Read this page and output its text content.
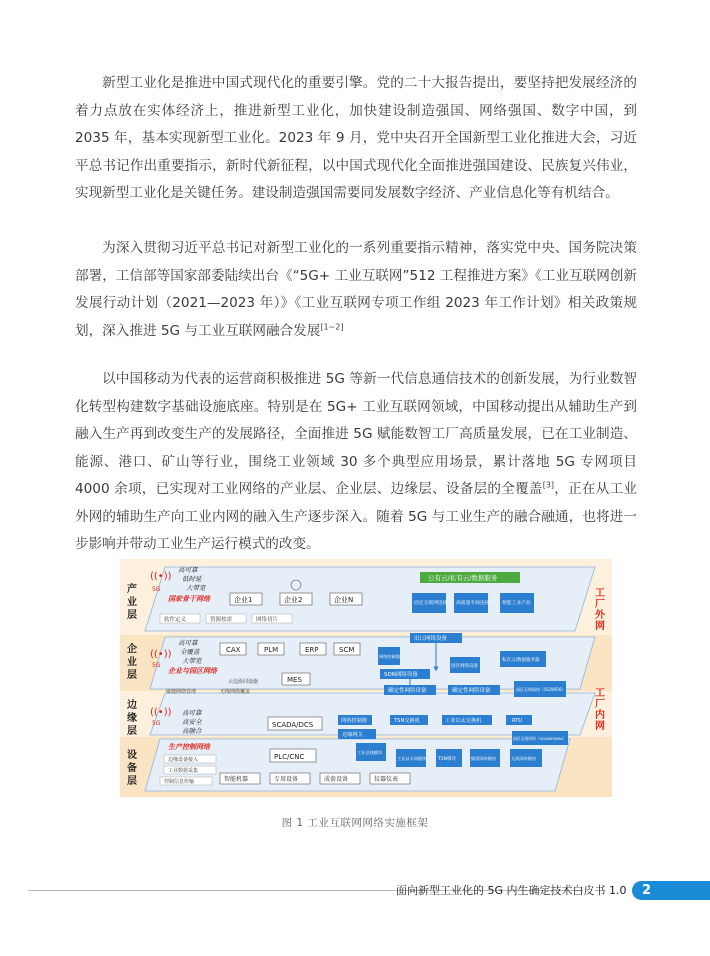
新型工业化是推进中国式现代化的重要引擎。党的二十大报告提出，要坚持把发展经济的着力点放在实体经济上，推进新型工业化，加快建设制造强国、网络强国、数字中国，到 2035 年，基本实现新型工业化。2023 年 9 月，党中央召开全国新型工业化推进大会，习近平总书记作出重要指示，新时代新征程，以中国式现代化全面推进强国建设、民族复兴伟业，实现新型工业化是关键任务。建设制造强国需要同发展数字经济、产业信息化等有机结合。

为深入贯彻习近平总书记对新型工业化的一系列重要指示精神，落实党中央、国务院决策部署，工信部等国家部委陆续出台《“5G+ 工业互联网”512 工程推进方案》《工业互联网创新发展行动计划（2021—2023 年）》《工业互联网专项工作组 2023 年工作计划》相关政策规划，深入推进 5G 与工业互联网融合发展[1~2]

以中国移动为代表的运营商积极推进 5G 等新一代信息通信技术的创新发展，为行业数智化转型构建数字基础设施底座。特别是在 5G+ 工业互联网领域，中国移动提出从辅助生产到融入生产再到改变生产的发展路径，全面推进 5G 赋能数智工厂高质量发展，已在工业制造、能源、港口、矿山等行业，围绕工业领域 30 多个典型应用场景，累计落地 5G 专网项目 4000 余项，已实现对工业网络的产业层、企业层、边缘层、设备层的全覆盖[3]，正在从工业外网的辅助生产向工业内网的融入生产逐步深入。随着 5G 与工业生产的融合融通，也将进一步影响并带动工业生产运行模式的改变。

产业层
企业层
边缘层
设备层
((•))
5G
高可靠
低时延
大带宽
国家骨干网络
软件定义	资源按需	网络切片
企业1	企业2	企业N
公有云/私有云/数据服务
固定互联网连接 高质量专线连接	智能工业产品	工厂外网
工厂内网
((•))
5G
高可靠
全覆盖
大带宽
企业与园区网络
云边协同设施
敏捷网络管理	无线网络覆盖
CAX	PLM	ERP	SCM
MES
出口网络设备
网络控制器
SDN网络设备
园区网络设备
私有云/数据服务器
确定性网络设备	确定性网络设备	园区无线网络（5G/WiFi6）
((•))
5G
高可靠
高安全
高融合
SCADA/DCS	网络控制器	TSN交换机	工业以太交换机	RTU
边缘网关
生产控制网络
边缘设备接入
工业数据采集
控制信息传输
PLC/CNC
工业总线模块
工业以太网模块	TSN模块	蜂窝网络模块	无线网络模块
园区无线网络（5G/WiFi/WIA）
智能机器	专用设备	成套设备	仪器仪表
图 1 工业互联网网络实施框架
面向新型工业化的 5G 内生确定技术白皮书 1.0	2
